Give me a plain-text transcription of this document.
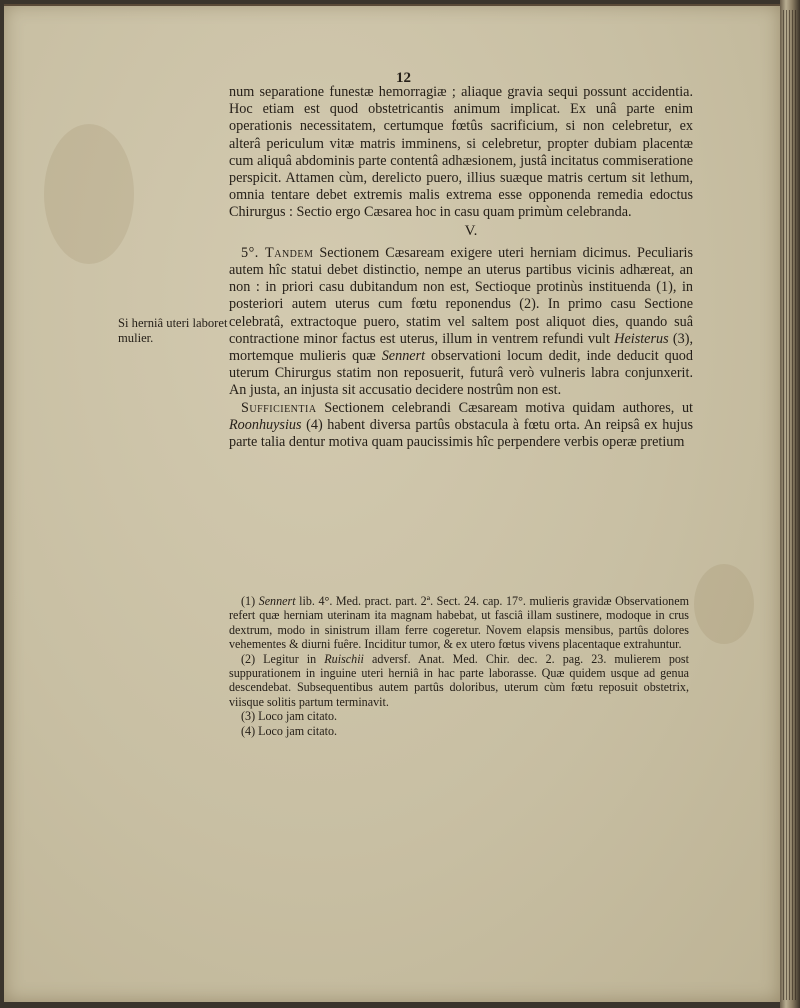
12

num separatione funestæ hemorragiæ ; aliaque gravia sequi possunt accidentia. Hoc etiam est quod obstetricantis animum implicat. Ex unâ parte enim operationis necessitatem, certumque fœtûs sacrificium, si non celebretur, ex alterâ periculum vitæ matris imminens, si celebretur, propter dubiam placentæ cum aliquâ abdominis parte contentâ adhæsionem, justâ incitatus commiseratione perspicit. Attamen cùm, derelicto puero, illius suæque matris certum sit lethum, omnia tentare debet extremis malis extrema esse opponenda remedia edoctus Chirurgus : Sectio ergo Cæsarea hoc in casu quam primùm celebranda.

V.

5°. Tandem Sectionem Cæsaream exigere uteri herniam dicimus. Peculiaris autem hîc statui debet distinctio, nempe an uterus partibus vicinis adhæreat, an non : in priori casu dubitandum non est, Sectioque protinùs instituenda (1), in posteriori autem uterus cum fœtu reponendus (2). In primo casu Sectione celebratâ, extractoque puero, statim vel saltem post aliquot dies, quando suâ contractione minor factus est uterus, illum in ventrem refundi vult Heisterus (3), mortemque mulieris quæ Sennert observationi locum dedit, inde deducit quod uterum Chirurgus statim non reposuerit, futurâ verò vulneris labra conjunxerit. An justa, an injusta sit accusatio decidere nostrûm non est.

Sufficientia Sectionem celebrandi Cæsaream motiva quidam authores, ut Roonhuysius (4) habent diversa partûs obstacula à fœtu orta. An reipsâ ex hujus parte talia dentur motiva quam paucissimis hîc perpendere verbis operæ pretium

Si herniâ uteri laboret mulier.

(1) Sennert lib. 4°. Med. pract. part. 2ª. Sect. 24. cap. 17°. mulieris gravidæ Observationem refert quæ herniam uterinam ita magnam habebat, ut fasciâ illam sustinere, modoque in crus dextrum, modo in sinistrum illam ferre cogeretur. Novem elapsis mensibus, partûs dolores vehementes & diurni fuêre. Inciditur tumor, & ex utero fœtus vivens placentaque extrahuntur.

(2) Legitur in Ruischii adversf. Anat. Med. Chir. dec. 2. pag. 23. mulierem post suppurationem in inguine uteri herniâ in hac parte laborasse. Quæ quidem usque ad genua descendebat. Subsequentibus autem partûs doloribus, uterum cùm fœtu reposuit obstetrix, viisque solitis partum terminavit.

(3) Loco jam citato.

(4) Loco jam citato.
